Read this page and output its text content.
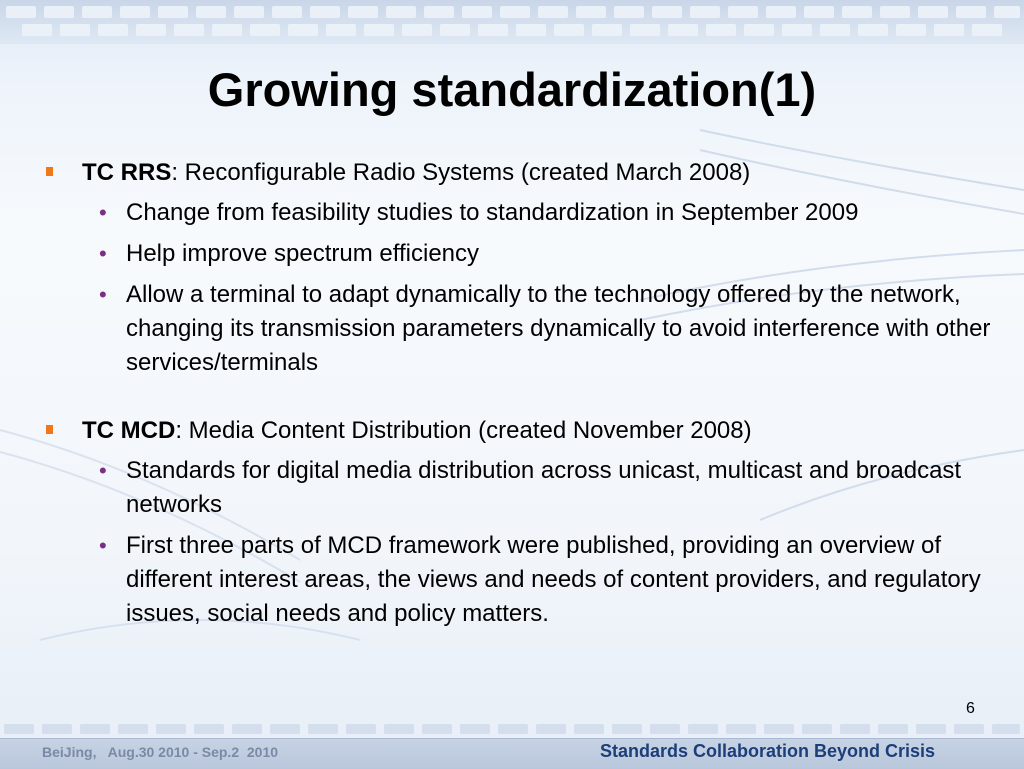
Growing standardization(1)
TC RRS: Reconfigurable Radio Systems (created March 2008)
• Change from feasibility studies to standardization in September 2009
• Help improve spectrum efficiency
• Allow a terminal to adapt dynamically to the technology offered by the network, changing its transmission parameters dynamically to avoid interference with other services/terminals
TC MCD: Media Content Distribution (created November 2008)
• Standards for digital media distribution across unicast, multicast and broadcast networks
• First three parts of MCD framework were published, providing an overview of different interest areas, the views and needs of content providers, and regulatory issues, social needs and policy matters.
6
BeiJing,   Aug.30 2010 - Sep.2  2010	Standards Collaboration Beyond Crisis
